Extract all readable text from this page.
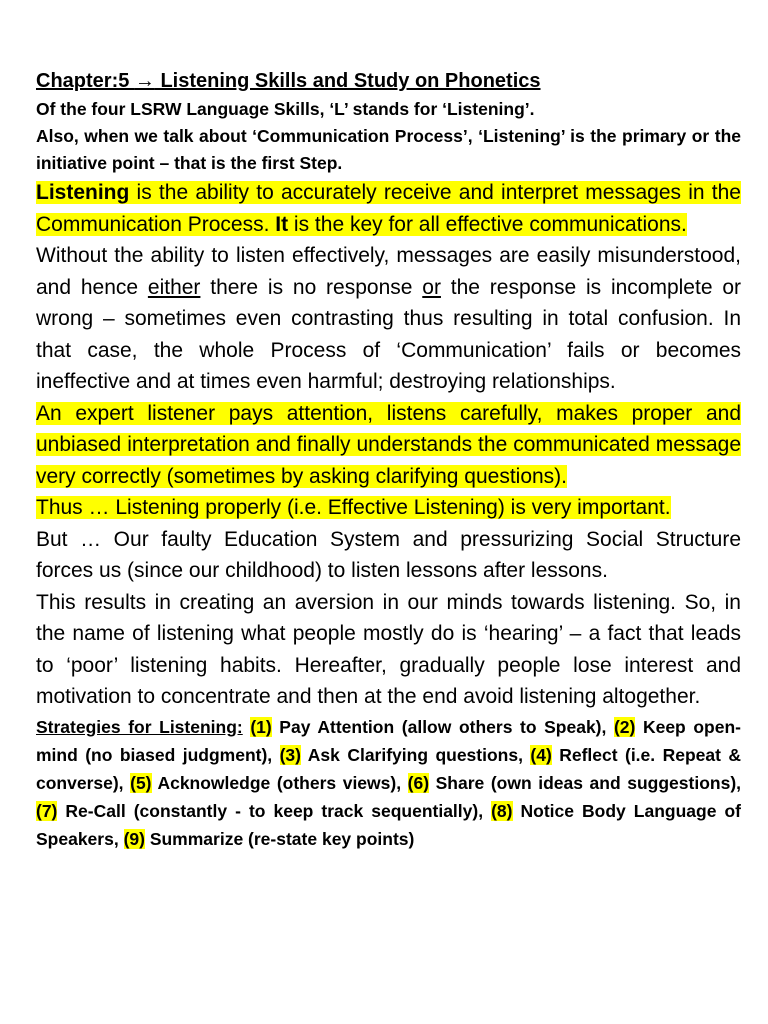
Chapter:5 → Listening Skills and Study on Phonetics

Of the four LSRW Language Skills, ‘L’ stands for ‘Listening’.

Also, when we talk about ‘Communication Process’, ‘Listening’ is the primary or the initiative point – that is the first Step.

Listening is the ability to accurately receive and interpret messages in the Communication Process. It is the key for all effective communications.

Without the ability to listen effectively, messages are easily misunderstood, and hence either there is no response or the response is incomplete or wrong – sometimes even contrasting thus resulting in total confusion. In that case, the whole Process of ‘Communication’ fails or becomes ineffective and at times even harmful; destroying relationships.

An expert listener pays attention, listens carefully, makes proper and unbiased interpretation and finally understands the communicated message very correctly (sometimes by asking clarifying questions).

Thus … Listening properly (i.e. Effective Listening) is very important.

But … Our faulty Education System and pressurizing Social Structure forces us (since our childhood) to listen lessons after lessons.

This results in creating an aversion in our minds towards listening. So, in the name of listening what people mostly do is ‘hearing’ – a fact that leads to ‘poor’ listening habits. Hereafter, gradually people lose interest and motivation to concentrate and then at the end avoid listening altogether.

Strategies for Listening: (1) Pay Attention (allow others to Speak), (2) Keep open-mind (no biased judgment), (3) Ask Clarifying questions, (4) Reflect (i.e. Repeat & converse), (5) Acknowledge (others views), (6) Share (own ideas and suggestions), (7) Re-Call (constantly - to keep track sequentially), (8) Notice Body Language of Speakers, (9) Summarize (re-state key points)
